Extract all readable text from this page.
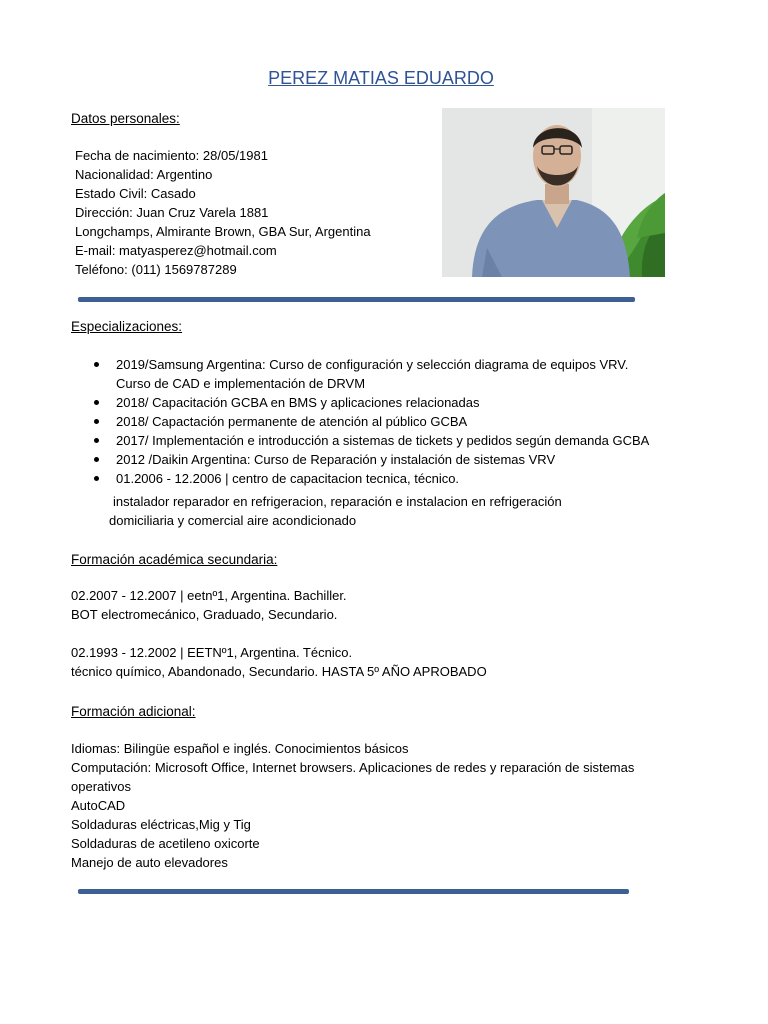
PEREZ MATIAS EDUARDO
Datos personales:

Fecha de nacimiento: 28/05/1981

Nacionalidad: Argentino

Estado Civil: Casado

Dirección: Juan Cruz Varela 1881

Longchamps, Almirante Brown, GBA Sur, Argentina

E-mail: matyasperez@hotmail.com

Teléfono: (011) 1569787289

Especializaciones:
2019/Samsung Argentina: Curso de configuración y selección diagrama de equipos VRV.
Curso de CAD e implementación de DRVM
2018/ Capacitación GCBA en BMS y aplicaciones relacionadas
2018/ Capactación permanente de atención al público GCBA
2017/ Implementación e introducción a sistemas de tickets y pedidos según demanda GCBA
2012 /Daikin Argentina: Curso de Reparación y instalación de sistemas VRV
01.2006 - 12.2006 | centro de capacitacion tecnica, técnico.
instalador reparador en refrigeracion, reparación e instalacion en refrigeración
domiciliaria y comercial aire acondicionado
Formación académica secundaria:

02.2007 - 12.2007 | eetnº1, Argentina. Bachiller.

BOT electromecánico, Graduado, Secundario.

02.1993 - 12.2002 | EETNº1, Argentina. Técnico.

técnico químico, Abandonado, Secundario. HASTA 5º AÑO APROBADO

Formación adicional:

Idiomas: Bilingüe español e inglés. Conocimientos básicos

Computación: Microsoft Office, Internet browsers. Aplicaciones de redes y reparación de sistemas

operativos

AutoCAD

Soldaduras eléctricas,Mig y Tig

Soldaduras de acetileno oxicorte

Manejo de auto elevadores
